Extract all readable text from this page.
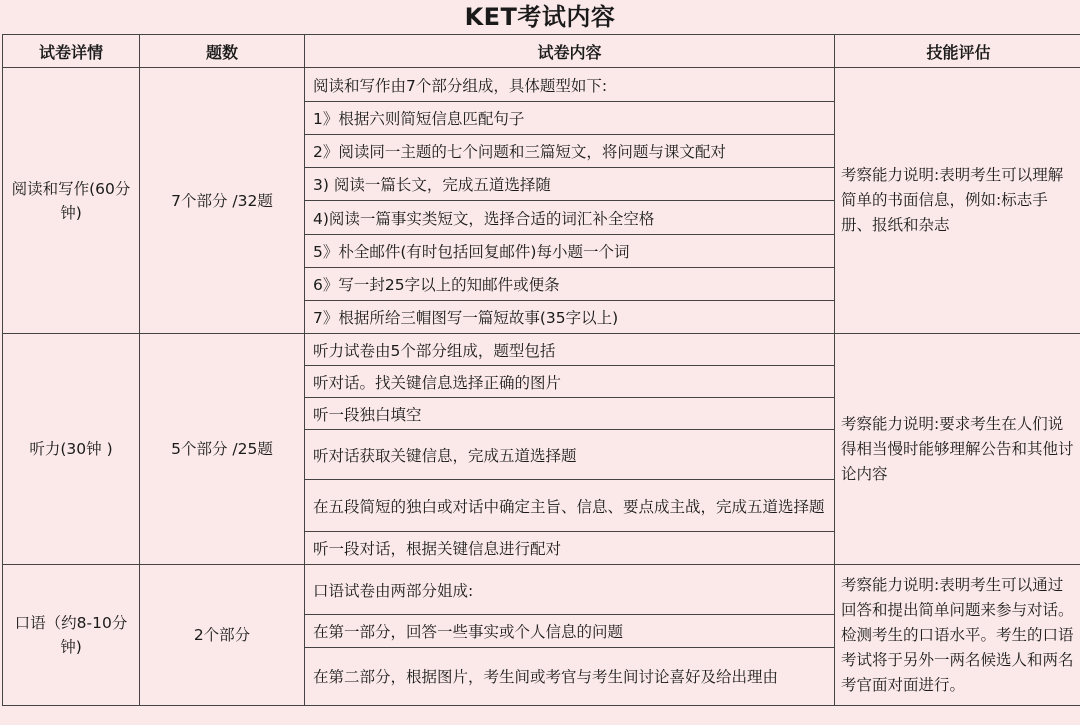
KET考试内容
试卷详情	题数	试卷内容	技能评估
阅读和写作(60分钟)	7个部分 /32题	阅读和写作由7个部分组成，具体题型如下:	考察能力说明:表明考生可以理解简单的书面信息，例如:标志手册、报纸和杂志
		1》根据六则简短信息匹配句子	
		2》阅读同一主题的七个问题和三篇短文，将问题与课文配对	
		3) 阅读一篇长文，完成五道选择随	
		4)阅读一篇事实类短文，选择合适的词汇补全空格	
		5》朴全邮件(有时包括回复邮件)每小题一个词	
		6》写一封25字以上的知邮件或便条	
		7》根据所给三帽图写一篇短故事(35字以上)	
听力(30钟 )	5个部分 /25题	听力试卷由5个部分组成，题型包括	考察能力说明:要求考生在人们说得相当慢时能够理解公告和其他讨论内容
		听对话。找关键信息选择正确的图片	
		听一段独白填空	
		听对话获取关键信息，完成五道选择题	
		在五段简短的独白或对话中确定主旨、信息、要点成主战，完成五道选择题	
		听一段对话，根据关键信息进行配对	
口语（约8-10分钟)	2个部分	口语试卷由两部分姐成:	考察能力说明:表明考生可以通过回答和提出简单问题来参与对话。检测考生的口语水平。考生的口语考试将于另外一两名候选人和两名考官面对面进行。
		在第一部分，回答一些事实或个人信息的问题	
		在第二部分，根据图片，考生间或考官与考生间讨论喜好及给出理由	
